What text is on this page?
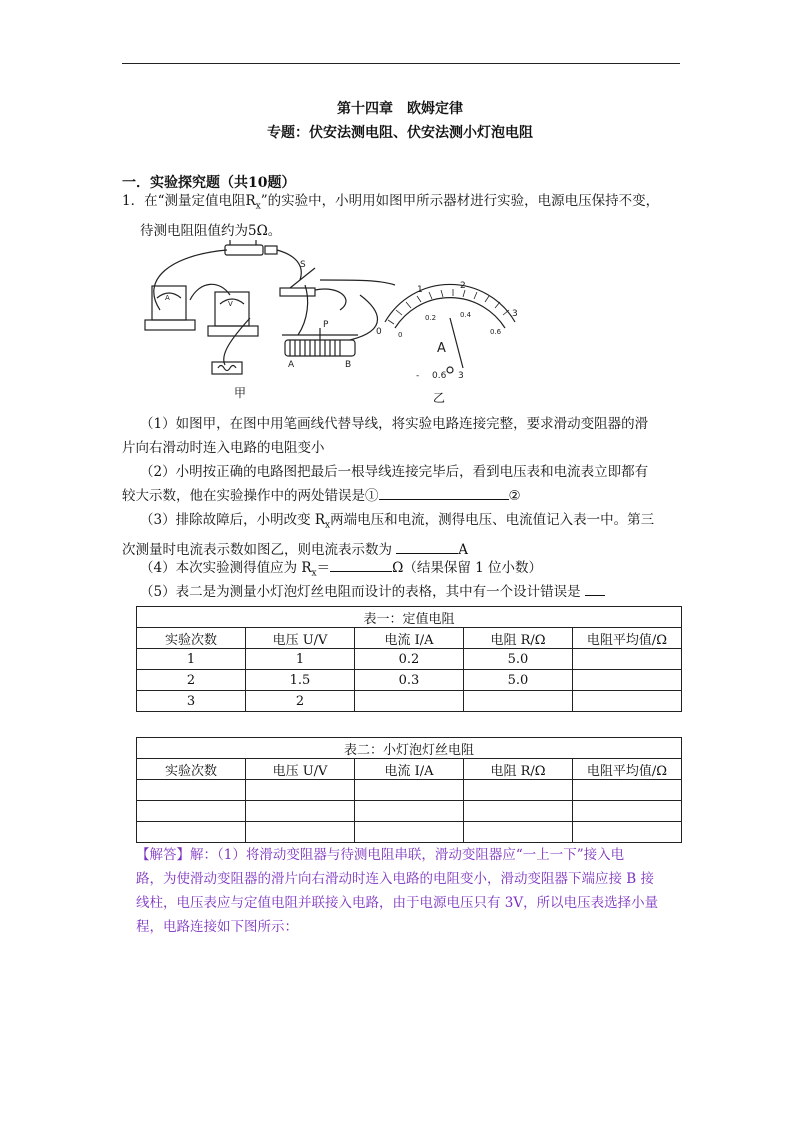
第十四章　欧姆定律
专题：伏安法测电阻、伏安法测小灯泡电阻
一．实验探究题（共10题）
1．在“测量定值电阻$R_x$”的实验中，小明用如图甲所示器材进行实验，电源电压保持不变，
待测电阻阻值约为5Ω。
S
P
A	B
A
V
0
1	2
3
0
0.2	0.4
0.6
A
- 0.6 3
甲	乙
（1）如图甲，在图中用笔画线代替导线，将实验电路连接完整，要求滑动变阻器的滑
片向右滑动时连入电路的电阻变小
（2）小明按正确的电路图把最后一根导线连接完毕后，看到电压表和电流表立即都有
较大示数，他在实验操作中的两处错误是①	②
（3）排除故障后，小明改变 $R_x$两端电压和电流，测得电压、电流值记入表一中。第三
次测量时电流表示数如图乙，则电流表示数为	A
（4）本次实验测得值应为 $R_x=$	Ω（结果保留 1 位小数）
（5）表二是为测量小灯泡灯丝电阻而设计的表格，其中有一个设计错误是
表一：定值电阻				
实验次数	电压 U/V	电流 I/A	电阻 R/Ω	电阻平均值/Ω
1	1	0.2	5.0	
2	1.5	0.3	5.0	
3	2			
表二：小灯泡灯丝电阻				
实验次数	电压 U/V	电流 I/A	电阻 R/Ω	电阻平均值/Ω

【解答】解：（1）将滑动变阻器与待测电阻串联，滑动变阻器应“一上一下”接入电
路，为使滑动变阻器的滑片向右滑动时连入电路的电阻变小，滑动变阻器下端应接 B 接
线柱，电压表应与定值电阻并联接入电路，由于电源电压只有 3V，所以电压表选择小量
程，电路连接如下图所示：
